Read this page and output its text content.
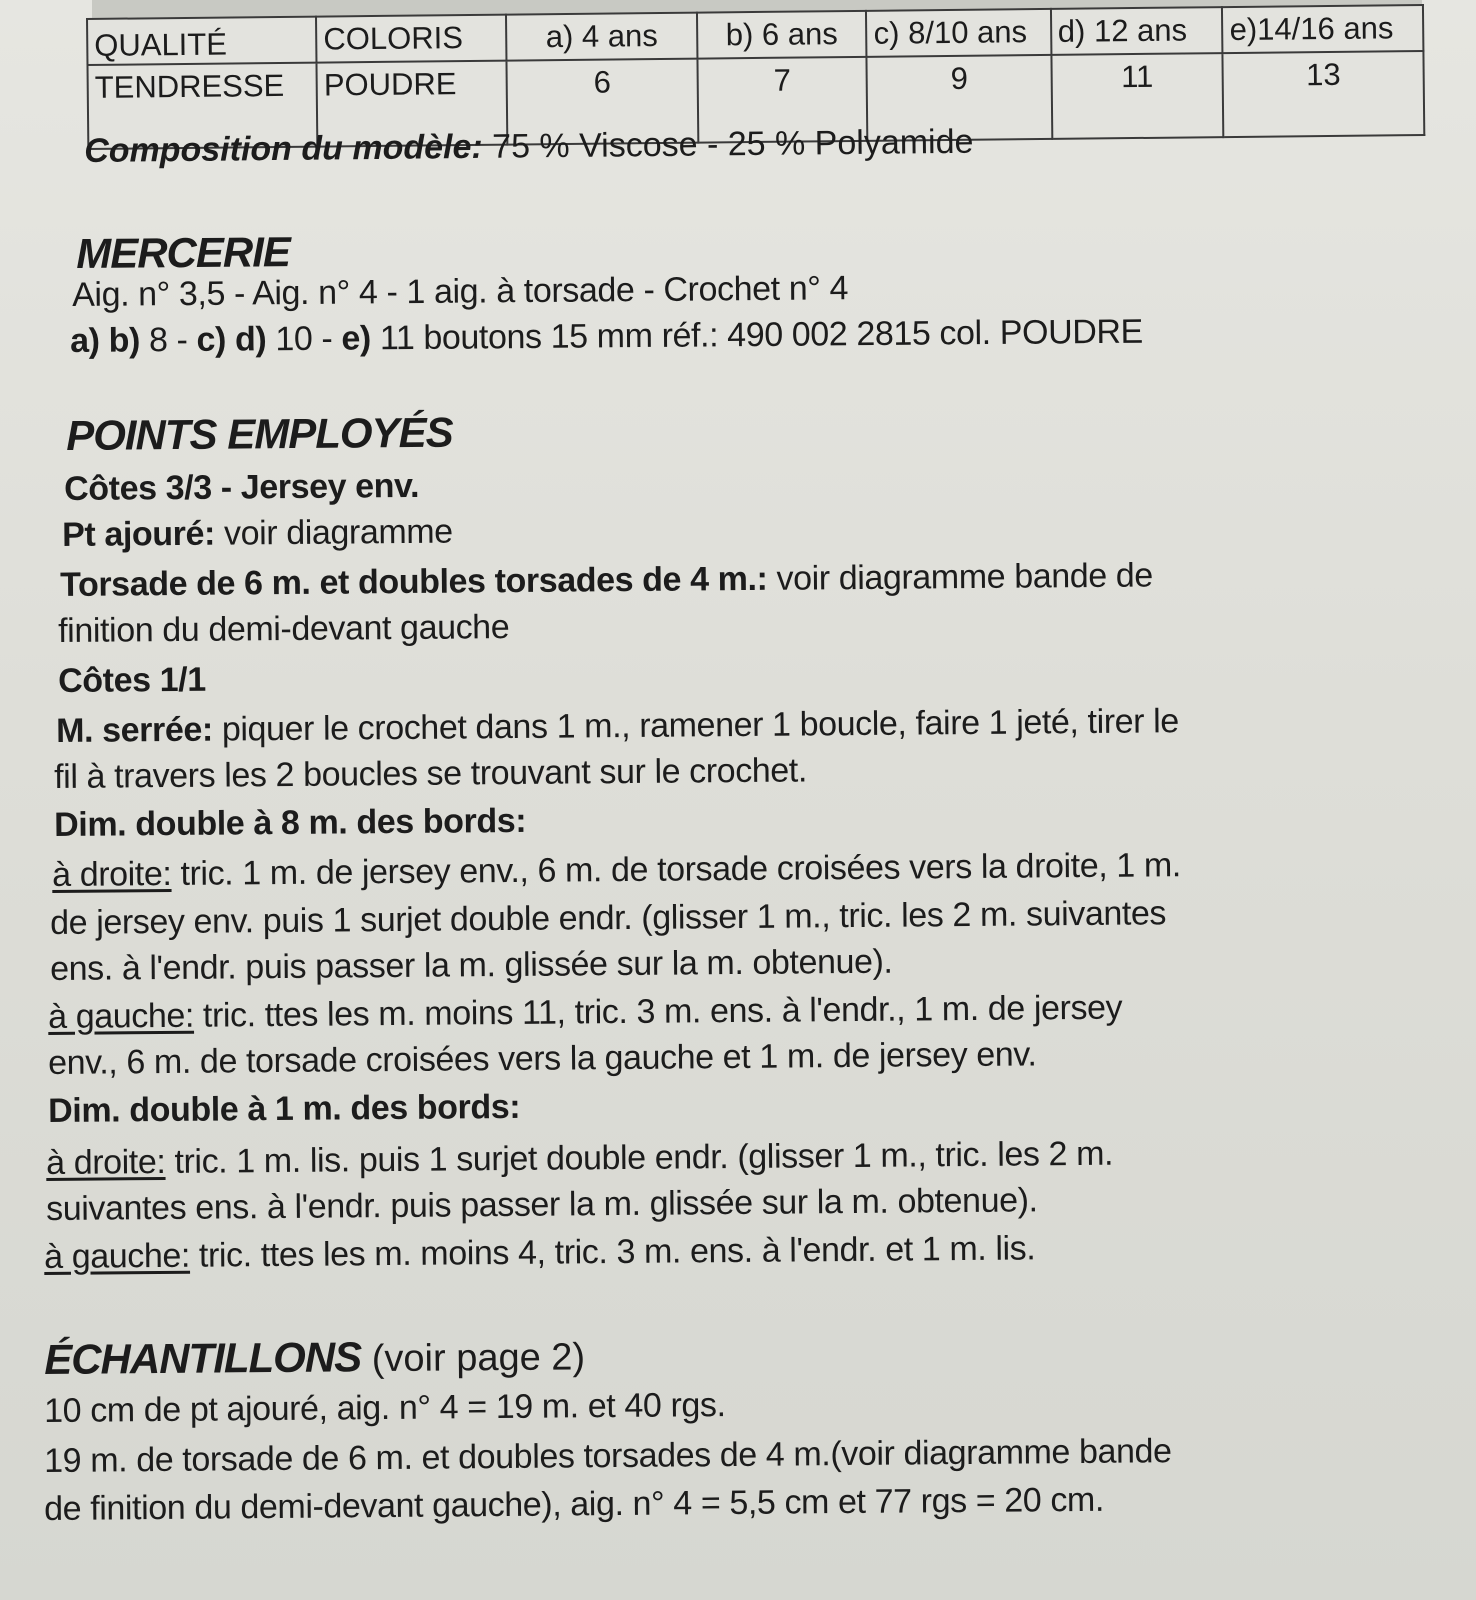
QUALITÉ	COLORIS	a) 4 ans	b) 6 ans	c) 8/10 ans	d) 12 ans	e)14/16 ans
TENDRESSE	POUDRE	6	7	9	11	13
Composition du modèle: 75 % Viscose - 25 % Polyamide
MERCERIE
Aig. n° 3,5 - Aig. n° 4 - 1 aig. à torsade - Crochet n° 4
a) b) 8 - c) d) 10 - e) 11 boutons 15 mm réf.: 490 002 2815 col. POUDRE
POINTS EMPLOYÉS
Côtes 3/3 - Jersey env.
Pt ajouré: voir diagramme
Torsade de 6 m. et doubles torsades de 4 m.: voir diagramme bande de
finition du demi-devant gauche
Côtes 1/1
M. serrée: piquer le crochet dans 1 m., ramener 1 boucle, faire 1 jeté, tirer le
fil à travers les 2 boucles se trouvant sur le crochet.
Dim. double à 8 m. des bords:
à droite: tric. 1 m. de jersey env., 6 m. de torsade croisées vers la droite, 1 m.
de jersey env. puis 1 surjet double endr. (glisser 1 m., tric. les 2 m. suivantes
ens. à l'endr. puis passer la m. glissée sur la m. obtenue).
à gauche: tric. ttes les m. moins 11, tric. 3 m. ens. à l'endr., 1 m. de jersey
env., 6 m. de torsade croisées vers la gauche et 1 m. de jersey env.
Dim. double à 1 m. des bords:
à droite: tric. 1 m. lis. puis 1 surjet double endr. (glisser 1 m., tric. les 2 m.
suivantes ens. à l'endr. puis passer la m. glissée sur la m. obtenue).
à gauche: tric. ttes les m. moins 4, tric. 3 m. ens. à l'endr. et 1 m. lis.
ÉCHANTILLONS (voir page 2)
10 cm de pt ajouré, aig. n° 4 = 19 m. et 40 rgs.
19 m. de torsade de 6 m. et doubles torsades de 4 m.(voir diagramme bande
de finition du demi-devant gauche), aig. n° 4 = 5,5 cm et 77 rgs = 20 cm.
